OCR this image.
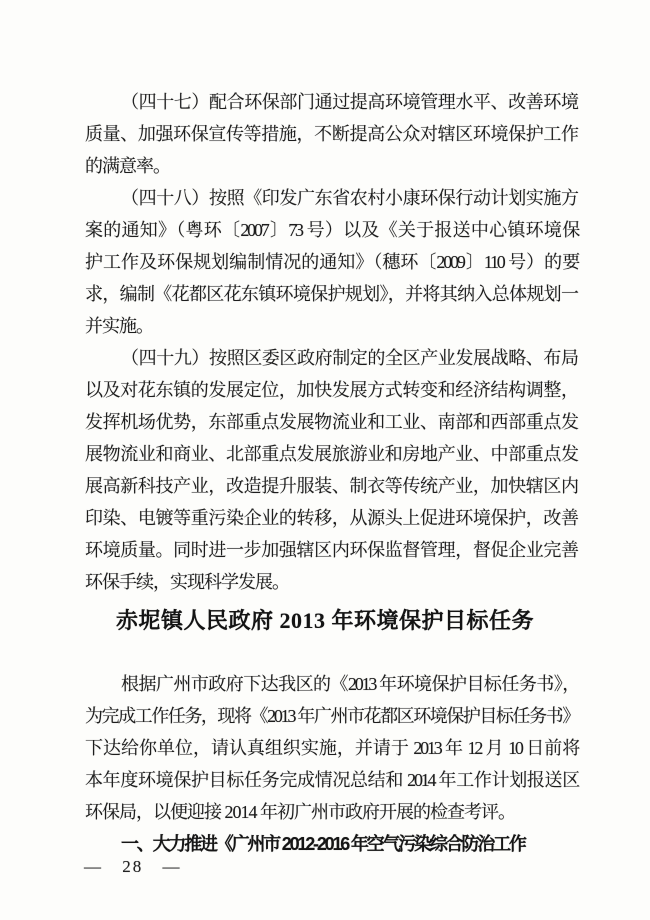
（四十七）配合环保部门通过提高环境管理水平、改善环境
质量、加强环保宣传等措施，不断提高公众对辖区环境保护工作
的满意率。
（四十八）按照《印发广东省农村小康环保行动计划实施方
案的通知》（粤环〔2007〕73 号）以及《关于报送中心镇环境保
护工作及环保规划编制情况的通知》（穗环〔2009〕110 号）的要
求，编制《花都区花东镇环境保护规划》，并将其纳入总体规划一
并实施。
（四十九）按照区委区政府制定的全区产业发展战略、布局
以及对花东镇的发展定位，加快发展方式转变和经济结构调整，
发挥机场优势，东部重点发展物流业和工业、南部和西部重点发
展物流业和商业、北部重点发展旅游业和房地产业、中部重点发
展高新科技产业，改造提升服装、制衣等传统产业，加快辖区内
印染、电镀等重污染企业的转移，从源头上促进环境保护，改善
环境质量。同时进一步加强辖区内环保监督管理，督促企业完善
环保手续，实现科学发展。
赤坭镇人民政府 2013 年环境保护目标任务
根据广州市政府下达我区的《2013 年环境保护目标任务书》，
为完成工作任务，现将《2013 年广州市花都区环境保护目标任务书》
下达给你单位，请认真组织实施，并请于 2013 年 12 月 10 日前将
本年度环境保护目标任务完成情况总结和 2014 年工作计划报送区
环保局，以便迎接 2014 年初广州市政府开展的检查考评。
一、大力推进《广州市 2012-2016 年空气污染综合防治工作
— 28 —
